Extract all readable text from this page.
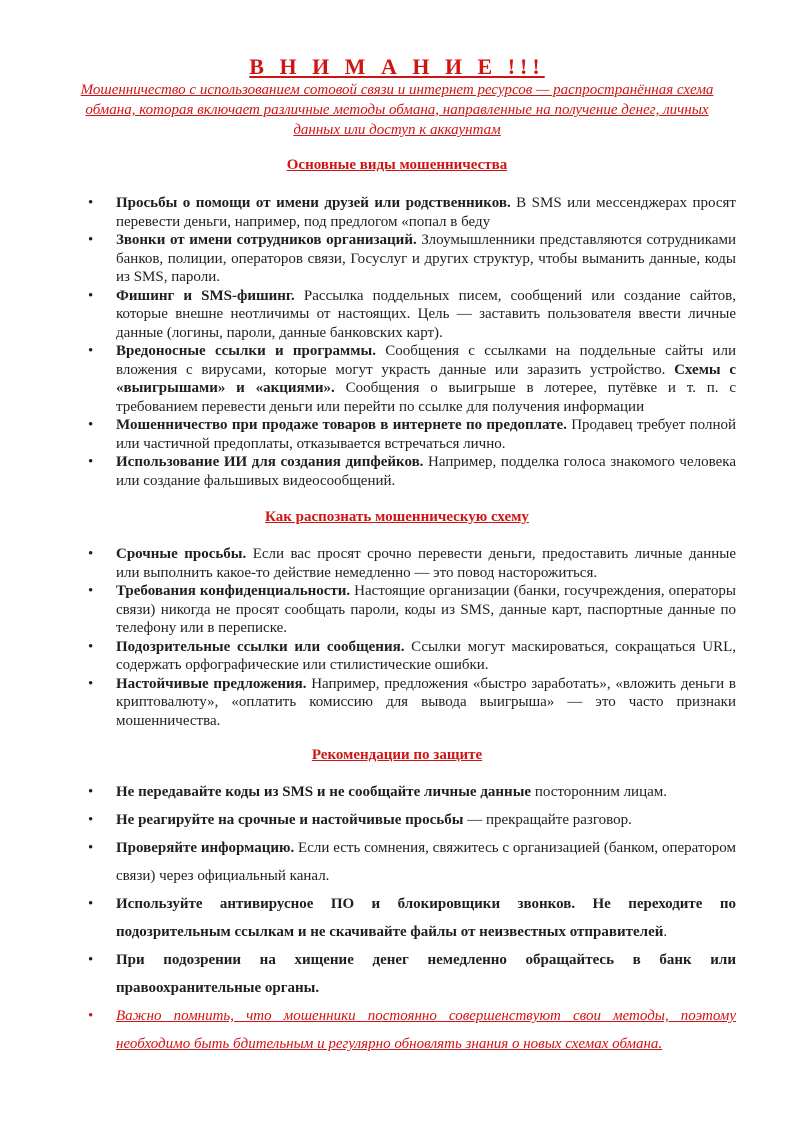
В Н И М А Н И Е !!!
Мошенничество с использованием сотовой связи и интернет ресурсов — распространённая схема обмана, которая включает различные методы обмана, направленные на получение денег, личных данных или доступ к аккаунтам
Основные виды мошенничества
• Просьбы о помощи от имени друзей или родственников. В SMS или мессенджерах просят перевести деньги, например, под предлогом «попал в беду
• Звонки от имени сотрудников организаций. Злоумышленники представляются сотрудниками банков, полиции, операторов связи, Госуслуг и других структур, чтобы выманить данные, коды из SMS, пароли.
• Фишинг и SMS-фишинг. Рассылка поддельных писем, сообщений или создание сайтов, которые внешне неотличимы от настоящих. Цель — заставить пользователя ввести личные данные (логины, пароли, данные банковских карт).
• Вредоносные ссылки и программы. Сообщения с ссылками на поддельные сайты или вложения с вирусами, которые могут украсть данные или заразить устройство. Схемы с «выигрышами» и «акциями». Сообщения о выигрыше в лотерее, путёвке и т. п. с требованием перевести деньги или перейти по ссылке для получения информации
• Мошенничество при продаже товаров в интернете по предоплате. Продавец требует полной или частичной предоплаты, отказывается встречаться лично.
• Использование ИИ для создания дипфейков. Например, подделка голоса знакомого человека или создание фальшивых видеосообщений.
Как распознать мошенническую схему
• Срочные просьбы. Если вас просят срочно перевести деньги, предоставить личные данные или выполнить какое-то действие немедленно — это повод насторожиться.
• Требования конфиденциальности. Настоящие организации (банки, госучреждения, операторы связи) никогда не просят сообщать пароли, коды из SMS, данные карт, паспортные данные по телефону или в переписке.
• Подозрительные ссылки или сообщения. Ссылки могут маскироваться, сокращаться URL, содержать орфографические или стилистические ошибки.
• Настойчивые предложения. Например, предложения «быстро заработать», «вложить деньги в криптовалюту», «оплатить комиссию для вывода выигрыша» — это часто признаки мошенничества.
Рекомендации по защите
• Не передавайте коды из SMS и не сообщайте личные данные посторонним лицам.
• Не реагируйте на срочные и настойчивые просьбы — прекращайте разговор.
• Проверяйте информацию. Если есть сомнения, свяжитесь с организацией (банком, оператором связи) через официальный канал.
• Используйте антивирусное ПО и блокировщики звонков. Не переходите по подозрительным ссылкам и не скачивайте файлы от неизвестных отправителей.
• При подозрении на хищение денег немедленно обращайтесь в банк или правоохранительные органы.
• Важно помнить, что мошенники постоянно совершенствуют свои методы, поэтому необходимо быть бдительным и регулярно обновлять знания о новых схемах обмана.
